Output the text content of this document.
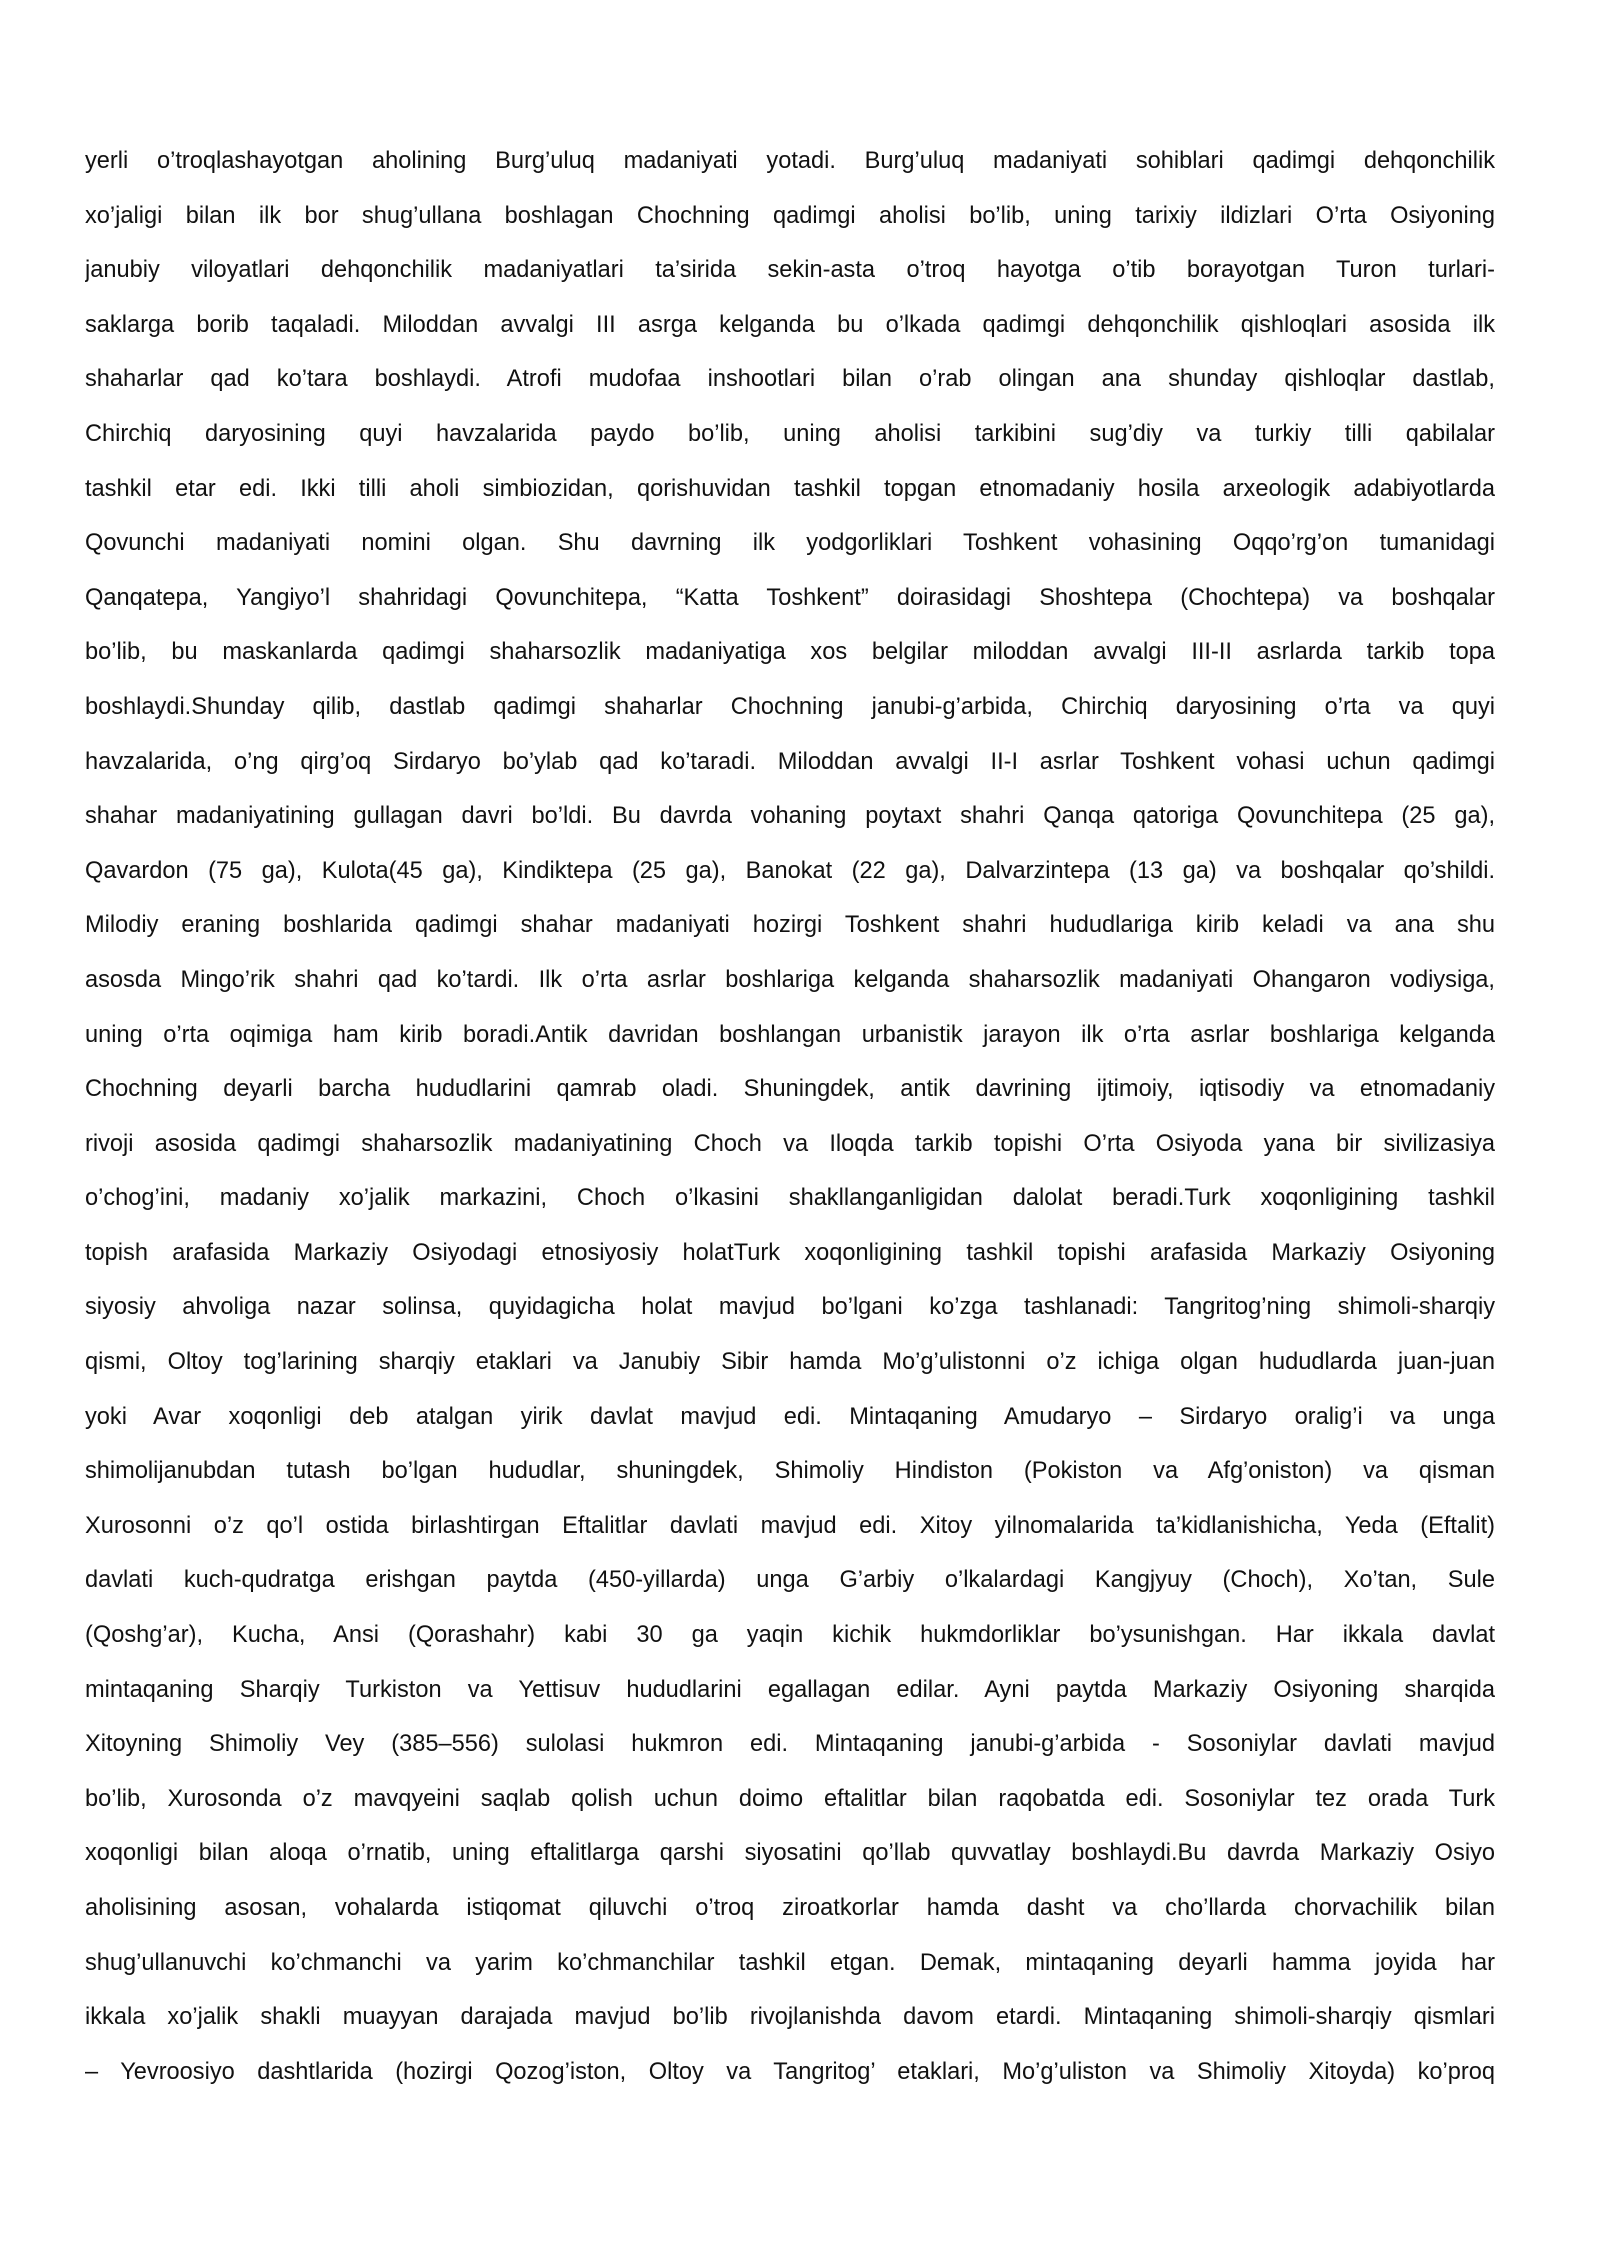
yerli o’troqlashayotgan aholining Burg’uluq madaniyati yotadi. Burg’uluq madaniyati sohiblari qadimgi dehqonchilik
xo’jaligi bilan ilk bor shug’ullana boshlagan Chochning qadimgi aholisi bo’lib, uning tarixiy ildizlari O’rta Osiyoning
janubiy viloyatlari dehqonchilik madaniyatlari ta’sirida sekin-asta o’troq hayotga o’tib borayotgan Turon turlari-
saklarga borib taqaladi. Miloddan avvalgi III asrga kelganda bu o’lkada qadimgi dehqonchilik qishloqlari asosida ilk
shaharlar qad ko’tara boshlaydi. Atrofi mudofaa inshootlari bilan o’rab olingan ana shunday qishloqlar dastlab,
Chirchiq daryosining quyi havzalarida paydo bo’lib, uning aholisi tarkibini sug’diy va turkiy tilli qabilalar
tashkil etar edi. Ikki tilli aholi simbiozidan, qorishuvidan tashkil topgan etnomadaniy hosila arxeologik adabiyotlarda
Qovunchi madaniyati nomini olgan. Shu davrning ilk yodgorliklari Toshkent vohasining Oqqo’rg’on tumanidagi
Qanqatepa, Yangiyo’l shahridagi Qovunchitepa, “Katta Toshkent” doirasidagi Shoshtepa (Chochtepa) va boshqalar
bo’lib, bu maskanlarda qadimgi shaharsozlik madaniyatiga xos belgilar miloddan avvalgi III-II asrlarda tarkib topa
boshlaydi.Shunday qilib, dastlab qadimgi shaharlar Chochning janubi-g’arbida, Chirchiq daryosining o’rta va quyi
havzalarida, o’ng qirg’oq Sirdaryo bo’ylab qad ko’taradi. Miloddan avvalgi II-I asrlar Toshkent vohasi uchun qadimgi
shahar madaniyatining gullagan davri bo’ldi. Bu davrda vohaning poytaxt shahri Qanqa qatoriga Qovunchitepa (25 ga),
Qavardon (75 ga), Kulota(45 ga), Kindiktepa (25 ga), Banokat (22 ga), Dalvarzintepa (13 ga) va boshqalar qo’shildi.
Milodiy eraning boshlarida qadimgi shahar madaniyati hozirgi Toshkent shahri hududlariga kirib keladi va ana shu
asosda Mingo’rik shahri qad ko’tardi. Ilk o’rta asrlar boshlariga kelganda shaharsozlik madaniyati Ohangaron vodiysiga,
uning o’rta oqimiga ham kirib boradi.Antik davridan boshlangan urbanistik jarayon ilk o’rta asrlar boshlariga kelganda
Chochning deyarli barcha hududlarini qamrab oladi. Shuningdek, antik davrining ijtimoiy, iqtisodiy va etnomadaniy
rivoji asosida qadimgi shaharsozlik madaniyatining Choch va Iloqda tarkib topishi O’rta Osiyoda yana bir sivilizasiya
o’chog’ini, madaniy xo’jalik markazini, Choch o’lkasini shakllanganligidan dalolat beradi.Turk xoqonligining tashkil
topish arafasida Markaziy Osiyodagi etnosiyosiy holatTurk xoqonligining tashkil topishi arafasida Markaziy Osiyoning
siyosiy ahvoliga nazar solinsa, quyidagicha holat mavjud bo’lgani ko’zga tashlanadi: Tangritog’ning shimoli-sharqiy
qismi, Oltoy tog’larining sharqiy etaklari va Janubiy Sibir hamda Mo’g’ulistonni o’z ichiga olgan hududlarda juan-juan
yoki Avar xoqonligi deb atalgan yirik davlat mavjud edi. Mintaqaning Amudaryo – Sirdaryo oralig’i va unga
shimolijanubdan tutash bo’lgan hududlar, shuningdek, Shimoliy Hindiston (Pokiston va Afg’oniston) va qisman
Xurosonni o’z qo’l ostida birlashtirgan Eftalitlar davlati mavjud edi. Xitoy yilnomalarida ta’kidlanishicha, Yeda (Eftalit)
davlati kuch-qudratga erishgan paytda (450-yillarda) unga G’arbiy o’lkalardagi Kangjyuy (Choch), Xo’tan, Sule
(Qoshg’ar), Kucha, Ansi (Qorashahr) kabi 30 ga yaqin kichik hukmdorliklar bo’ysunishgan. Har ikkala davlat
mintaqaning Sharqiy Turkiston va Yettisuv hududlarini egallagan edilar. Ayni paytda Markaziy Osiyoning sharqida
Xitoyning Shimoliy Vey (385–556) sulolasi hukmron edi. Mintaqaning janubi-g’arbida - Sosoniylar davlati mavjud
bo’lib, Xurosonda o’z mavqyeini saqlab qolish uchun doimo eftalitlar bilan raqobatda edi. Sosoniylar tez orada Turk
xoqonligi bilan aloqa o’rnatib, uning eftalitlarga qarshi siyosatini qo’llab quvvatlay boshlaydi.Bu davrda Markaziy Osiyo
aholisining asosan, vohalarda istiqomat qiluvchi o’troq ziroatkorlar hamda dasht va cho’llarda chorvachilik bilan
shug’ullanuvchi ko’chmanchi va yarim ko’chmanchilar tashkil etgan. Demak, mintaqaning deyarli hamma joyida har
ikkala xo’jalik shakli muayyan darajada mavjud bo’lib rivojlanishda davom etardi. Mintaqaning shimoli-sharqiy qismlari
– Yevroosiyo dashtlarida (hozirgi Qozog’iston, Oltoy va Tangritog’ etaklari, Mo’g’uliston va Shimoliy Xitoyda) ko’proq
